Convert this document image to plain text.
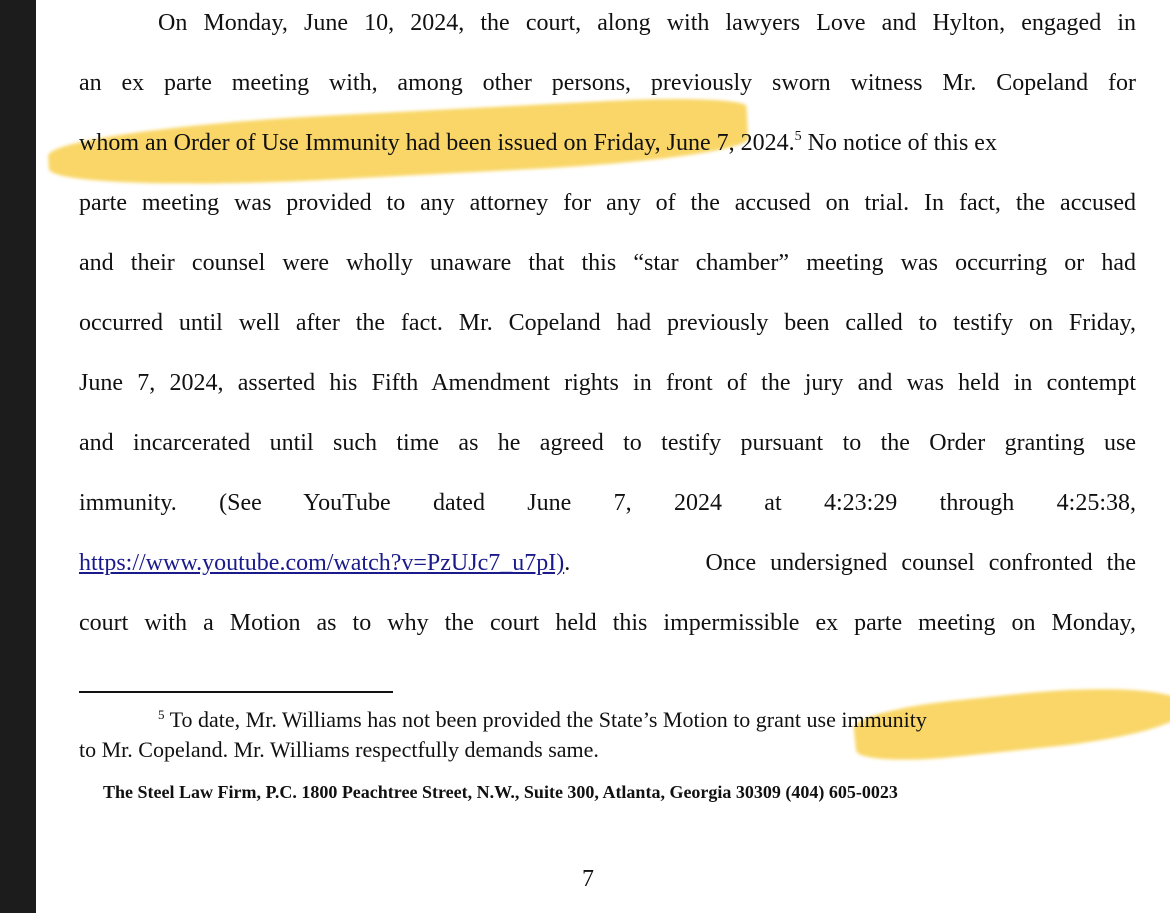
On Monday, June 10, 2024, the court, along with lawyers Love and Hylton, engaged in
an ex parte meeting with, among other persons, previously sworn witness Mr. Copeland for
whom an Order of Use Immunity had been issued on Friday, June 7, 2024.$^5$ No notice of this ex
parte meeting was provided to any attorney for any of the accused on trial. In fact, the accused
and their counsel were wholly unaware that this “star chamber” meeting was occurring or had
occurred until well after the fact. Mr. Copeland had previously been called to testify on Friday,
June 7, 2024, asserted his Fifth Amendment rights in front of the jury and was held in contempt
and incarcerated until such time as he agreed to testify pursuant to the Order granting use
immunity. (See YouTube dated June 7, 2024 at 4:23:29 through 4:25:38,
https://www.youtube.com/watch?v=PzUJc7_u7pI).	Once undersigned counsel confronted the
court with a Motion as to why the court held this impermissible ex parte meeting on Monday,
$^5$ To date, Mr. Williams has not been provided the State’s Motion to grant use immunity
to Mr. Copeland. Mr. Williams respectfully demands same.
The Steel Law Firm, P.C. 1800 Peachtree Street, N.W., Suite 300, Atlanta, Georgia 30309 (404) 605-0023
7
